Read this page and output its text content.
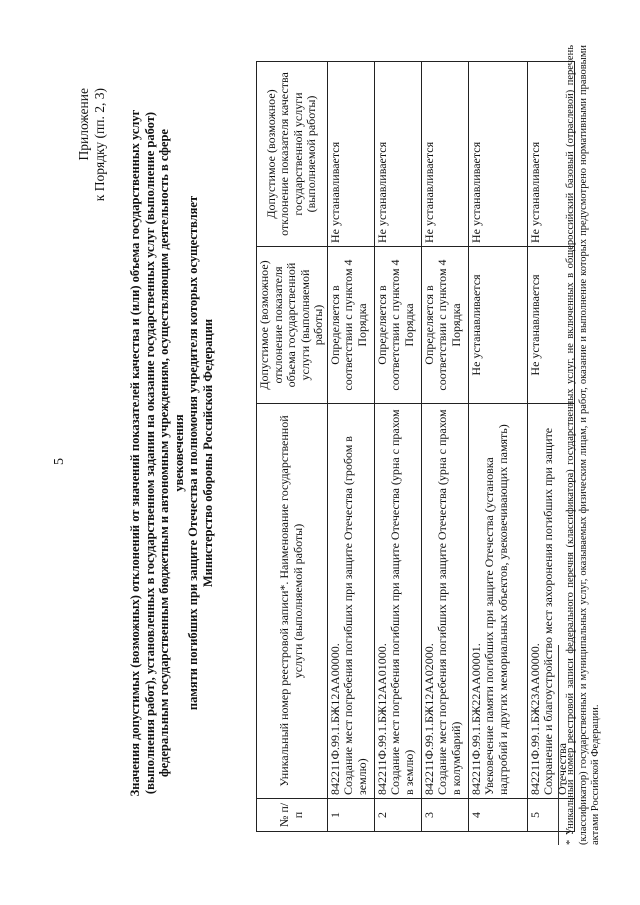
5
Приложение к Порядку (пп. 2, 3) Значения допустимых (возможных) отклонений от значений показателей качества и (или) объема государственных услуг (выполнения работ), установленных в государственном задании на оказание государственных услуг (выполнение работ) федеральным государственным бюджетным и автономным учреждениям, осуществляющим деятельность в сфере увековечения памяти погибших при защите Отечества и полномочия учредителя которых осуществляет Министерство обороны Российской Федерации
№ п/п	Уникальный номер реестровой записи*. Наименование государственной услуги (выполняемой работы)	Допустимое (возможное) отклонение показателя объема государственной услуги (выполняемой работы)	Допустимое (возможное) отклонение показателя качества государственной услуги (выполняемой работы)
1	842211Ф.99.1.БЖ12АА00000. Создание мест погребения погибших при защите Отечества (гробом в землю)	Определяется в соответствии с пунктом 4 Порядка	Не устанавливается
2	842211Ф.99.1.БЖ12АА01000. Создание мест погребения погибших при защите Отечества (урна с прахом в землю)	Определяется в соответствии с пунктом 4 Порядка	Не устанавливается
3	842211Ф.99.1.БЖ12АА02000. Создание мест погребения погибших при защите Отечества (урна с прахом в колумбарий)	Определяется в соответствии с пунктом 4 Порядка	Не устанавливается
4	842211Ф.99.1.БЖ22АА00001. Увековечение памяти погибших при защите Отечества (установка надгробий и других мемориальных объектов, увековечивающих память)	Не устанавливается	Не устанавливается
5	842211Ф.99.1.БЖ23АА00000. Сохранение и благоустройство мест захоронения погибших при защите Отечества	Не устанавливается	Не устанавливается * Уникальный номер реестровой записи федерального перечня (классификатора) государственных услуг, не включенных в общероссийский базовый (отраслевой) перечень (классификатор) государственных и муниципальных услуг, оказываемых физическим лицам, и работ, оказание и выполнение которых предусмотрено нормативными правовыми актами Российской Федерации.
